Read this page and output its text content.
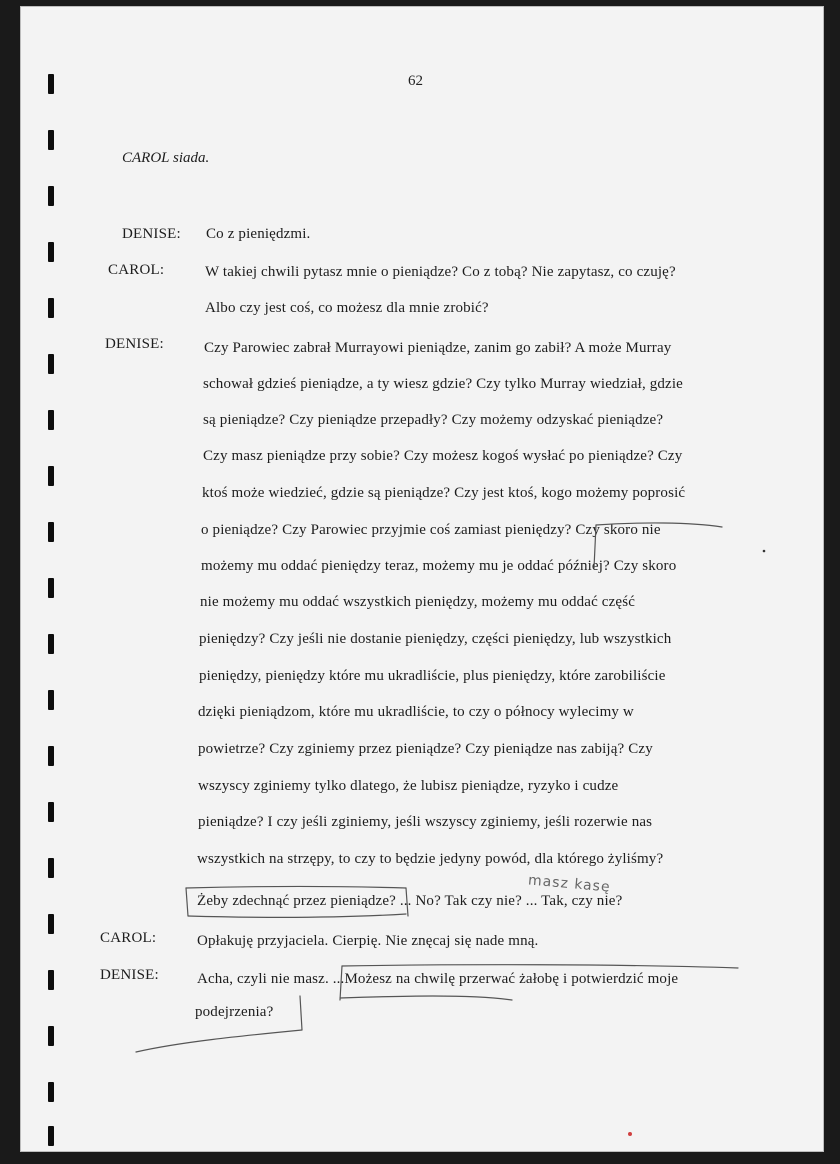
62
CAROL siada.
DENISE: Co z pieniędzmi.
CAROL:	W takiej chwili pytasz mnie o pieniądze? Co z tobą? Nie zapytasz, co czuję?
Albo czy jest coś, co możesz dla mnie zrobić?
DENISE:	Czy Parowiec zabrał Murrayowi pieniądze, zanim go zabił? A może Murray
schował gdzieś pieniądze, a ty wiesz gdzie? Czy tylko Murray wiedział, gdzie
są pieniądze? Czy pieniądze przepadły? Czy możemy odzyskać pieniądze?
Czy masz pieniądze przy sobie? Czy możesz kogoś wysłać po pieniądze? Czy
ktoś może wiedzieć, gdzie są pieniądze? Czy jest ktoś, kogo możemy poprosić
o pieniądze? Czy Parowiec przyjmie coś zamiast pieniędzy? Czy skoro nie
możemy mu oddać pieniędzy teraz, możemy mu je oddać później? Czy skoro
nie możemy mu oddać wszystkich pieniędzy, możemy mu oddać część
pieniędzy? Czy jeśli nie dostanie pieniędzy, części pieniędzy, lub wszystkich
pieniędzy, pieniędzy które mu ukradliście, plus pieniędzy, które zarobiliście
dzięki pieniądzom, które mu ukradliście, to czy o północy wylecimy w
powietrze? Czy zginiemy przez pieniądze? Czy pieniądze nas zabiją? Czy
wszyscy zginiemy tylko dlatego, że lubisz pieniądze, ryzyko i cudze
pieniądze? I czy jeśli zginiemy, jeśli wszyscy zginiemy, jeśli rozerwie nas
wszystkich na strzępy, to czy to będzie jedyny powód, dla którego żyliśmy?
Żeby zdechnąć przez pieniądze? ... No? Tak czy nie? ... Tak, czy nie?
CAROL:	Opłakuję przyjaciela. Cierpię. Nie znęcaj się nade mną.
DENISE:	Acha, czyli nie masz. ...Możesz na chwilę przerwać żałobę i potwierdzić moje
podejrzenia?
masz kasę
